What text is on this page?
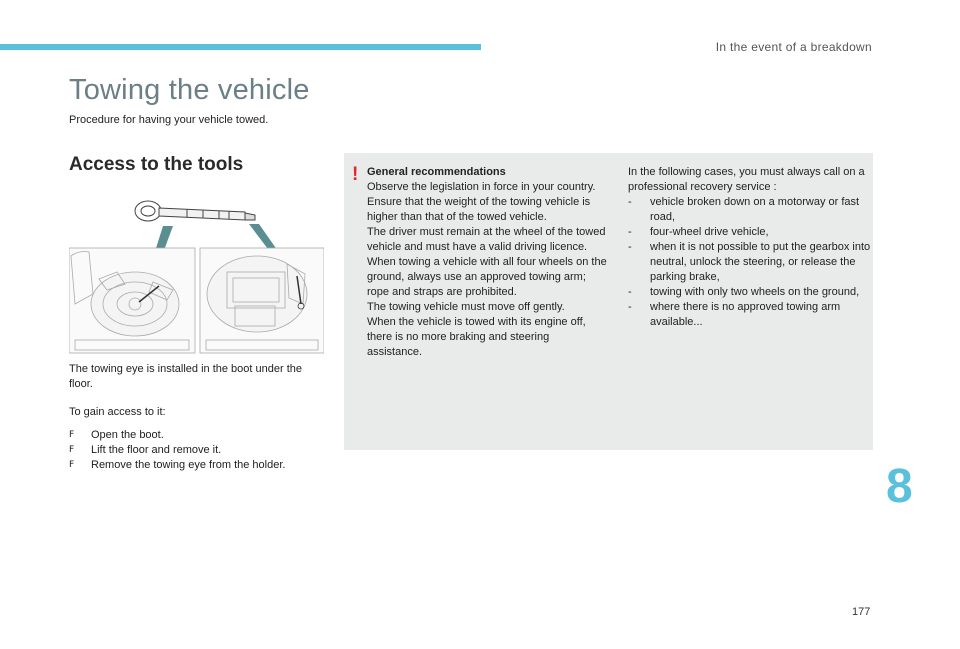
In the event of a breakdown
Towing the vehicle
Procedure for having your vehicle towed.
Access to the tools

The towing eye is installed in the boot under the floor.

To gain access to it:

F	Open the boot.
F	Lift the floor and remove it.
F	Remove the towing eye from the holder.
! General recommendations

Observe the legislation in force in your country.

Ensure that the weight of the towing vehicle is higher than that of the towed vehicle.

The driver must remain at the wheel of the towed vehicle and must have a valid driving licence.

When towing a vehicle with all four wheels on the ground, always use an approved towing arm; rope and straps are prohibited.

The towing vehicle must move off gently.

When the vehicle is towed with its engine off, there is no more braking and steering assistance.

In the following cases, you must always call on a professional recovery service :

-	vehicle broken down on a motorway or fast road,
-	four-wheel drive vehicle,
-	when it is not possible to put the gearbox into neutral, unlock the steering, or release the parking brake,
-	towing with only two wheels on the ground,
-	where there is no approved towing arm available...
8
177
